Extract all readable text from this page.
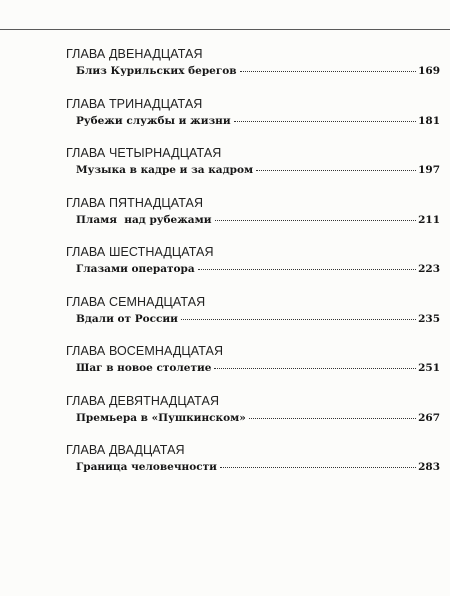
ГЛАВА ДВЕНАДЦАТАЯ
Близ Курильских берегов	169
ГЛАВА ТРИНАДЦАТАЯ
Рубежи службы и жизни	181
ГЛАВА ЧЕТЫРНАДЦАТАЯ
Музыка в кадре и за кадром	197
ГЛАВА ПЯТНАДЦАТАЯ
Пламя  над рубежами	211
ГЛАВА ШЕСТНАДЦАТАЯ
Глазами оператора	223
ГЛАВА СЕМНАДЦАТАЯ
Вдали от России	235
ГЛАВА ВОСЕМНАДЦАТАЯ
Шаг в новое столетие	251
ГЛАВА ДЕВЯТНАДЦАТАЯ
Премьера в «Пушкинском»	267
ГЛАВА ДВАДЦАТАЯ
Граница человечности	283
